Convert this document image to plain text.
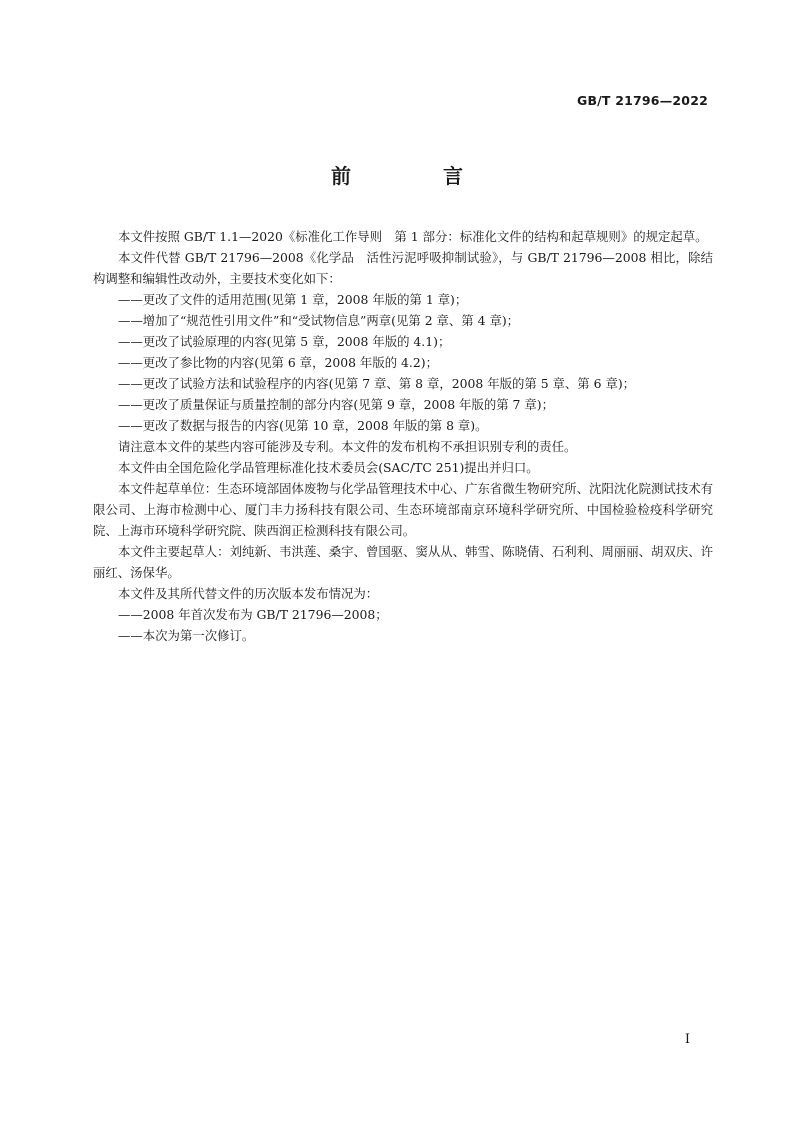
GB/T 21796—2022
前　言

本文件按照 GB/T 1.1—2020《标准化工作导则　第 1 部分：标准化文件的结构和起草规则》的规定起草。

本文件代替 GB/T 21796—2008《化学品　活性污泥呼吸抑制试验》，与 GB/T 21796—2008 相比，除结构调整和编辑性改动外，主要技术变化如下：

——更改了文件的适用范围(见第 1 章，2008 年版的第 1 章)；

——增加了“规范性引用文件”和“受试物信息”两章(见第 2 章、第 4 章)；

——更改了试验原理的内容(见第 5 章，2008 年版的 4.1)；

——更改了参比物的内容(见第 6 章，2008 年版的 4.2)；

——更改了试验方法和试验程序的内容(见第 7 章、第 8 章，2008 年版的第 5 章、第 6 章)；

——更改了质量保证与质量控制的部分内容(见第 9 章，2008 年版的第 7 章)；

——更改了数据与报告的内容(见第 10 章，2008 年版的第 8 章)。

请注意本文件的某些内容可能涉及专利。本文件的发布机构不承担识别专利的责任。

本文件由全国危险化学品管理标准化技术委员会(SAC/TC 251)提出并归口。

本文件起草单位：生态环境部固体废物与化学品管理技术中心、广东省微生物研究所、沈阳沈化院测试技术有限公司、上海市检测中心、厦门丰力扬科技有限公司、生态环境部南京环境科学研究所、中国检验检疫科学研究院、上海市环境科学研究院、陕西润正检测科技有限公司。

本文件主要起草人：刘纯新、韦洪莲、桑宇、曾国驱、窦从从、韩雪、陈晓倩、石利利、周丽丽、胡双庆、许丽红、汤保华。

本文件及其所代替文件的历次版本发布情况为：

——2008 年首次发布为 GB/T 21796—2008；

——本次为第一次修订。

I
